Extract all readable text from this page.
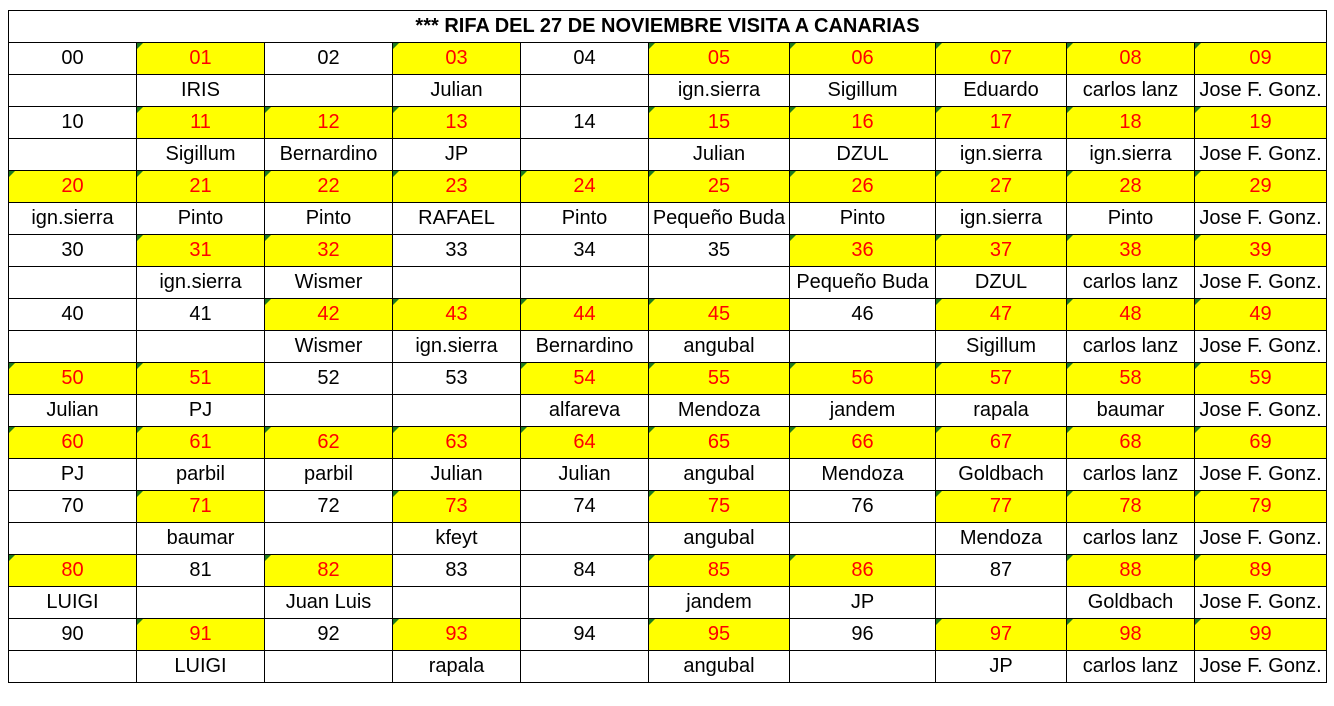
*** RIFA DEL 27 DE NOVIEMBRE VISITA A CANARIAS									
00	01	02	03	04	05	06	07	08	09
	IRIS		Julian		ign.sierra	Sigillum	Eduardo	carlos lanz	Jose F. Gonz.
10	11	12	13	14	15	16	17	18	19
	Sigillum	Bernardino	JP		Julian	DZUL	ign.sierra	ign.sierra	Jose F. Gonz.
20	21	22	23	24	25	26	27	28	29
ign.sierra	Pinto	Pinto	RAFAEL	Pinto	Pequeño Buda	Pinto	ign.sierra	Pinto	Jose F. Gonz.
30	31	32	33	34	35	36	37	38	39
	ign.sierra	Wismer				Pequeño Buda	DZUL	carlos lanz	Jose F. Gonz.
40	41	42	43	44	45	46	47	48	49
		Wismer	ign.sierra	Bernardino	angubal		Sigillum	carlos lanz	Jose F. Gonz.
50	51	52	53	54	55	56	57	58	59
Julian	PJ			alfareva	Mendoza	jandem	rapala	baumar	Jose F. Gonz.
60	61	62	63	64	65	66	67	68	69
PJ	parbil	parbil	Julian	Julian	angubal	Mendoza	Goldbach	carlos lanz	Jose F. Gonz.
70	71	72	73	74	75	76	77	78	79
	baumar		kfeyt		angubal		Mendoza	carlos lanz	Jose F. Gonz.
80	81	82	83	84	85	86	87	88	89
LUIGI		Juan Luis			jandem	JP		Goldbach	Jose F. Gonz.
90	91	92	93	94	95	96	97	98	99
	LUIGI		rapala		angubal		JP	carlos lanz	Jose F. Gonz.
